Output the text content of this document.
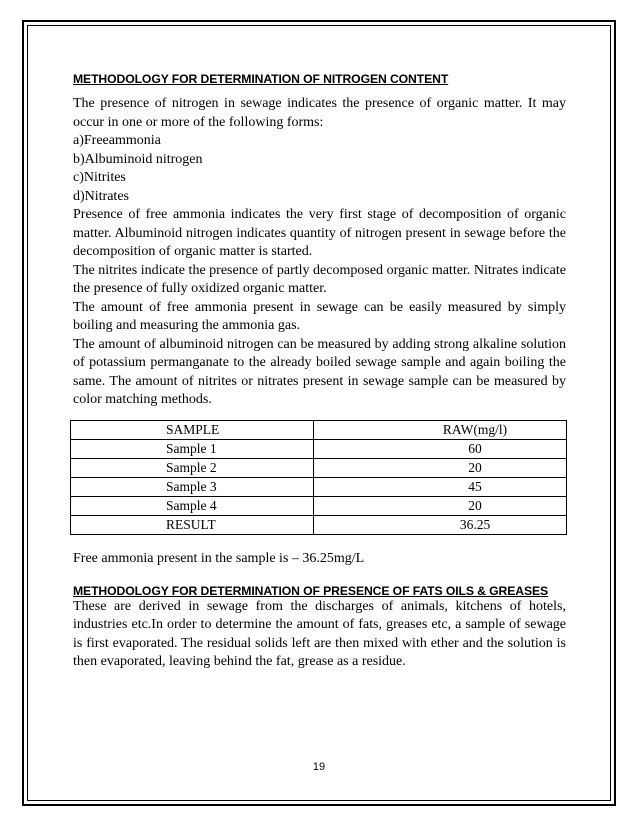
METHODOLOGY FOR DETERMINATION OF NITROGEN CONTENT

The presence of nitrogen in sewage indicates the presence of organic matter. It may occur in one or more of the following forms:

a)Freeammonia
b)Albuminoid nitrogen
c)Nitrites
d)Nitrates

Presence of free ammonia indicates the very first stage of decomposition of organic matter. Albuminoid nitrogen indicates quantity of nitrogen present in sewage before the decomposition of organic matter is started.

The nitrites indicate the presence of partly decomposed organic matter. Nitrates indicate the presence of fully oxidized organic matter.

The amount of free ammonia present in sewage can be easily measured by simply boiling and measuring the ammonia gas.

The amount of albuminoid nitrogen can be measured by adding strong alkaline solution of potassium permanganate to the already boiled sewage sample and again boiling the same. The amount of nitrites or nitrates present in sewage sample can be measured by color matching methods.

SAMPLE	RAW(mg/l)
Sample 1	60
Sample 2	20
Sample 3	45
Sample 4	20
RESULT	36.25
Free ammonia present in the sample is – 36.25mg/L
METHODOLOGY FOR DETERMINATION OF PRESENCE OF FATS OILS & GREASES

These are derived in sewage from the discharges of animals, kitchens of hotels, industries etc.In order to determine the amount of fats, greases etc, a sample of sewage is first evaporated. The residual solids left are then mixed with ether and the solution is then evaporated, leaving behind the fat, grease as a residue.

19
